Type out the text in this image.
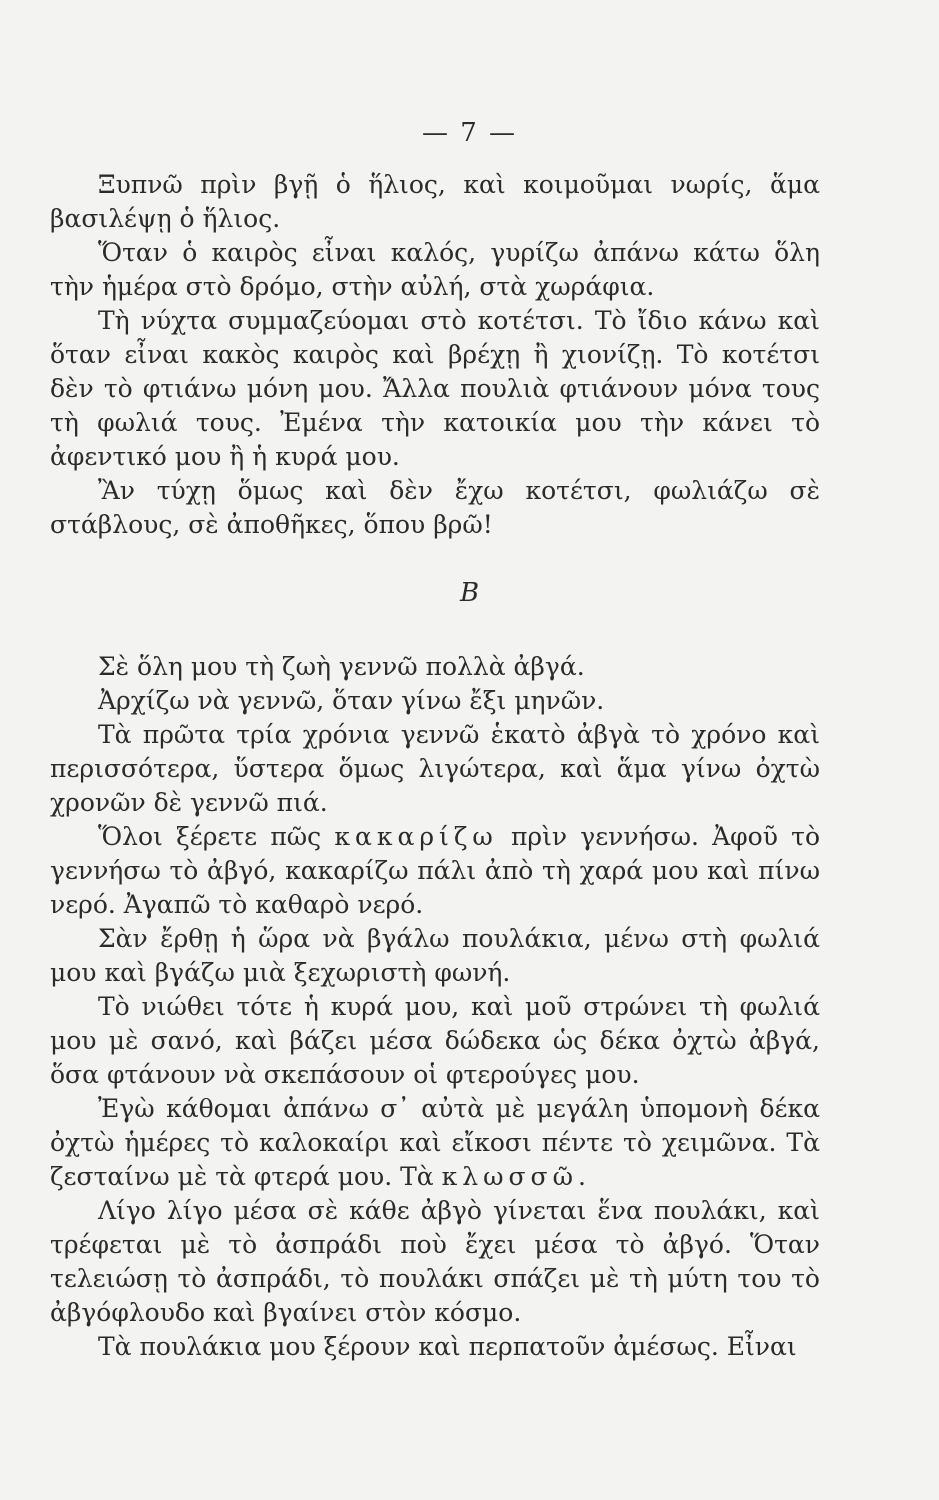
— 7 —

Ξυπνῶ πρὶν βγῇ ὁ ἥλιος, καὶ κοιμοῦμαι νωρίς, ἅμα βασιλέψῃ ὁ ἥλιος.

Ὅταν ὁ καιρὸς εἶναι καλός, γυρίζω ἀπάνω κάτω ὅλη τὴν ἡμέρα στὸ δρόμο, στὴν αὐλή, στὰ χωράφια.

Τὴ νύχτα συμμαζεύομαι στὸ κοτέτσι. Τὸ ἴδιο κάνω καὶ ὅταν εἶναι κακὸς καιρὸς καὶ βρέχῃ ἢ χιονίζῃ. Τὸ κοτέτσι δὲν τὸ φτιάνω μόνη μου. Ἄλλα πουλιὰ φτιάνουν μόνα τους τὴ φωλιά τους. Ἐμένα τὴν κατοικία μου τὴν κάνει τὸ ἀφεντικό μου ἢ ἡ κυρά μου.

Ἂν τύχῃ ὅμως καὶ δὲν ἔχω κοτέτσι, φωλιάζω σὲ στάβλους, σὲ ἀποθῆκες, ὅπου βρῶ!

Β

Σὲ ὅλη μου τὴ ζωὴ γεννῶ πολλὰ ἀβγά.

Ἀρχίζω νὰ γεννῶ, ὅταν γίνω ἔξι μηνῶν.

Τὰ πρῶτα τρία χρόνια γεννῶ ἑκατὸ ἀβγὰ τὸ χρόνο καὶ περισσότερα, ὕστερα ὅμως λιγώτερα, καὶ ἅμα γίνω ὀχτὼ χρονῶν δὲ γεννῶ πιά.

Ὅλοι ξέρετε πῶς κακαρίζω πρὶν γεννήσω. Ἀφοῦ τὸ γεννήσω τὸ ἀβγό, κακαρίζω πάλι ἀπὸ τὴ χαρά μου καὶ πίνω νερό. Ἀγαπῶ τὸ καθαρὸ νερό.

Σὰν ἔρθῃ ἡ ὥρα νὰ βγάλω πουλάκια, μένω στὴ φωλιά μου καὶ βγάζω μιὰ ξεχωριστὴ φωνή.

Τὸ νιώθει τότε ἡ κυρά μου, καὶ μοῦ στρώνει τὴ φωλιά μου μὲ σανό, καὶ βάζει μέσα δώδεκα ὡς δέκα ὀχτὼ ἀβγά, ὅσα φτάνουν νὰ σκεπάσουν οἱ φτερούγες μου.

Ἐγὼ κάθομαι ἀπάνω σ᾿ αὐτὰ μὲ μεγάλη ὑπομονὴ δέκα ὀχτὼ ἡμέρες τὸ καλοκαίρι καὶ εἴκοσι πέντε τὸ χειμῶνα. Τὰ ζεσταίνω μὲ τὰ φτερά μου. Τὰ κλωσσῶ.

Λίγο λίγο μέσα σὲ κάθε ἀβγὸ γίνεται ἕνα πουλάκι, καὶ τρέφεται μὲ τὸ ἀσπράδι ποὺ ἔχει μέσα τὸ ἀβγό. Ὅταν τελειώσῃ τὸ ἀσπράδι, τὸ πουλάκι σπάζει μὲ τὴ μύτη του τὸ ἀβγόφλουδο καὶ βγαίνει στὸν κόσμο.

Τὰ πουλάκια μου ξέρουν καὶ περπατοῦν ἀμέσως. Εἶναι
